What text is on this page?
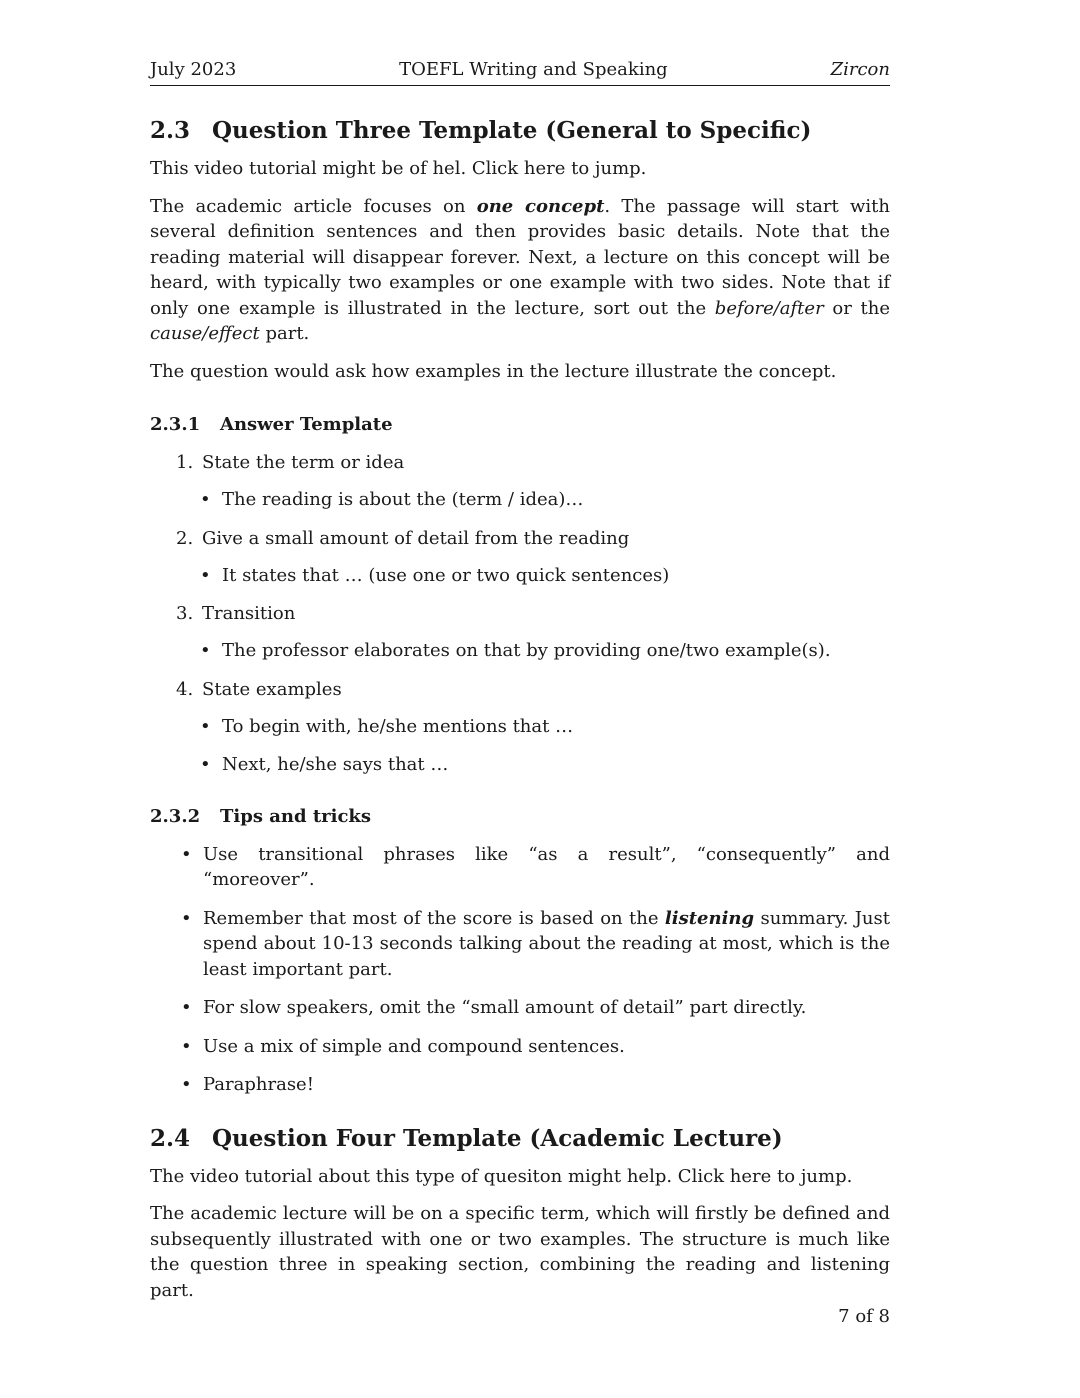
July 2023	TOEFL Writing and Speaking	Zircon
2.3 Question Three Template (General to Specific)

This video tutorial might be of hel. Click here to jump.

The academic article focuses on one concept. The passage will start with several definition sentences and then provides basic details. Note that the reading material will disappear forever. Next, a lecture on this concept will be heard, with typically two examples or one example with two sides. Note that if only one example is illustrated in the lecture, sort out the before/after or the cause/effect part.

The question would ask how examples in the lecture illustrate the concept.

2.3.1 Answer Template
1. State the term or idea
• The reading is about the (term / idea)…
2. Give a small amount of detail from the reading
• It states that … (use one or two quick sentences)
3. Transition
• The professor elaborates on that by providing one/two example(s).
4. State examples
• To begin with, he/she mentions that …
• Next, he/she says that …
2.3.2 Tips and tricks
• Use transitional phrases like “as a result”, “consequently” and “moreover”.
• Remember that most of the score is based on the listening summary. Just spend about 10-13 seconds talking about the reading at most, which is the least important part.
• For slow speakers, omit the “small amount of detail” part directly.
• Use a mix of simple and compound sentences.
• Paraphrase!
2.4 Question Four Template (Academic Lecture)

The video tutorial about this type of quesiton might help. Click here to jump.

The academic lecture will be on a specific term, which will firstly be defined and subsequently illustrated with one or two examples. The structure is much like the question three in speaking section, combining the reading and listening part.

7 of 8
